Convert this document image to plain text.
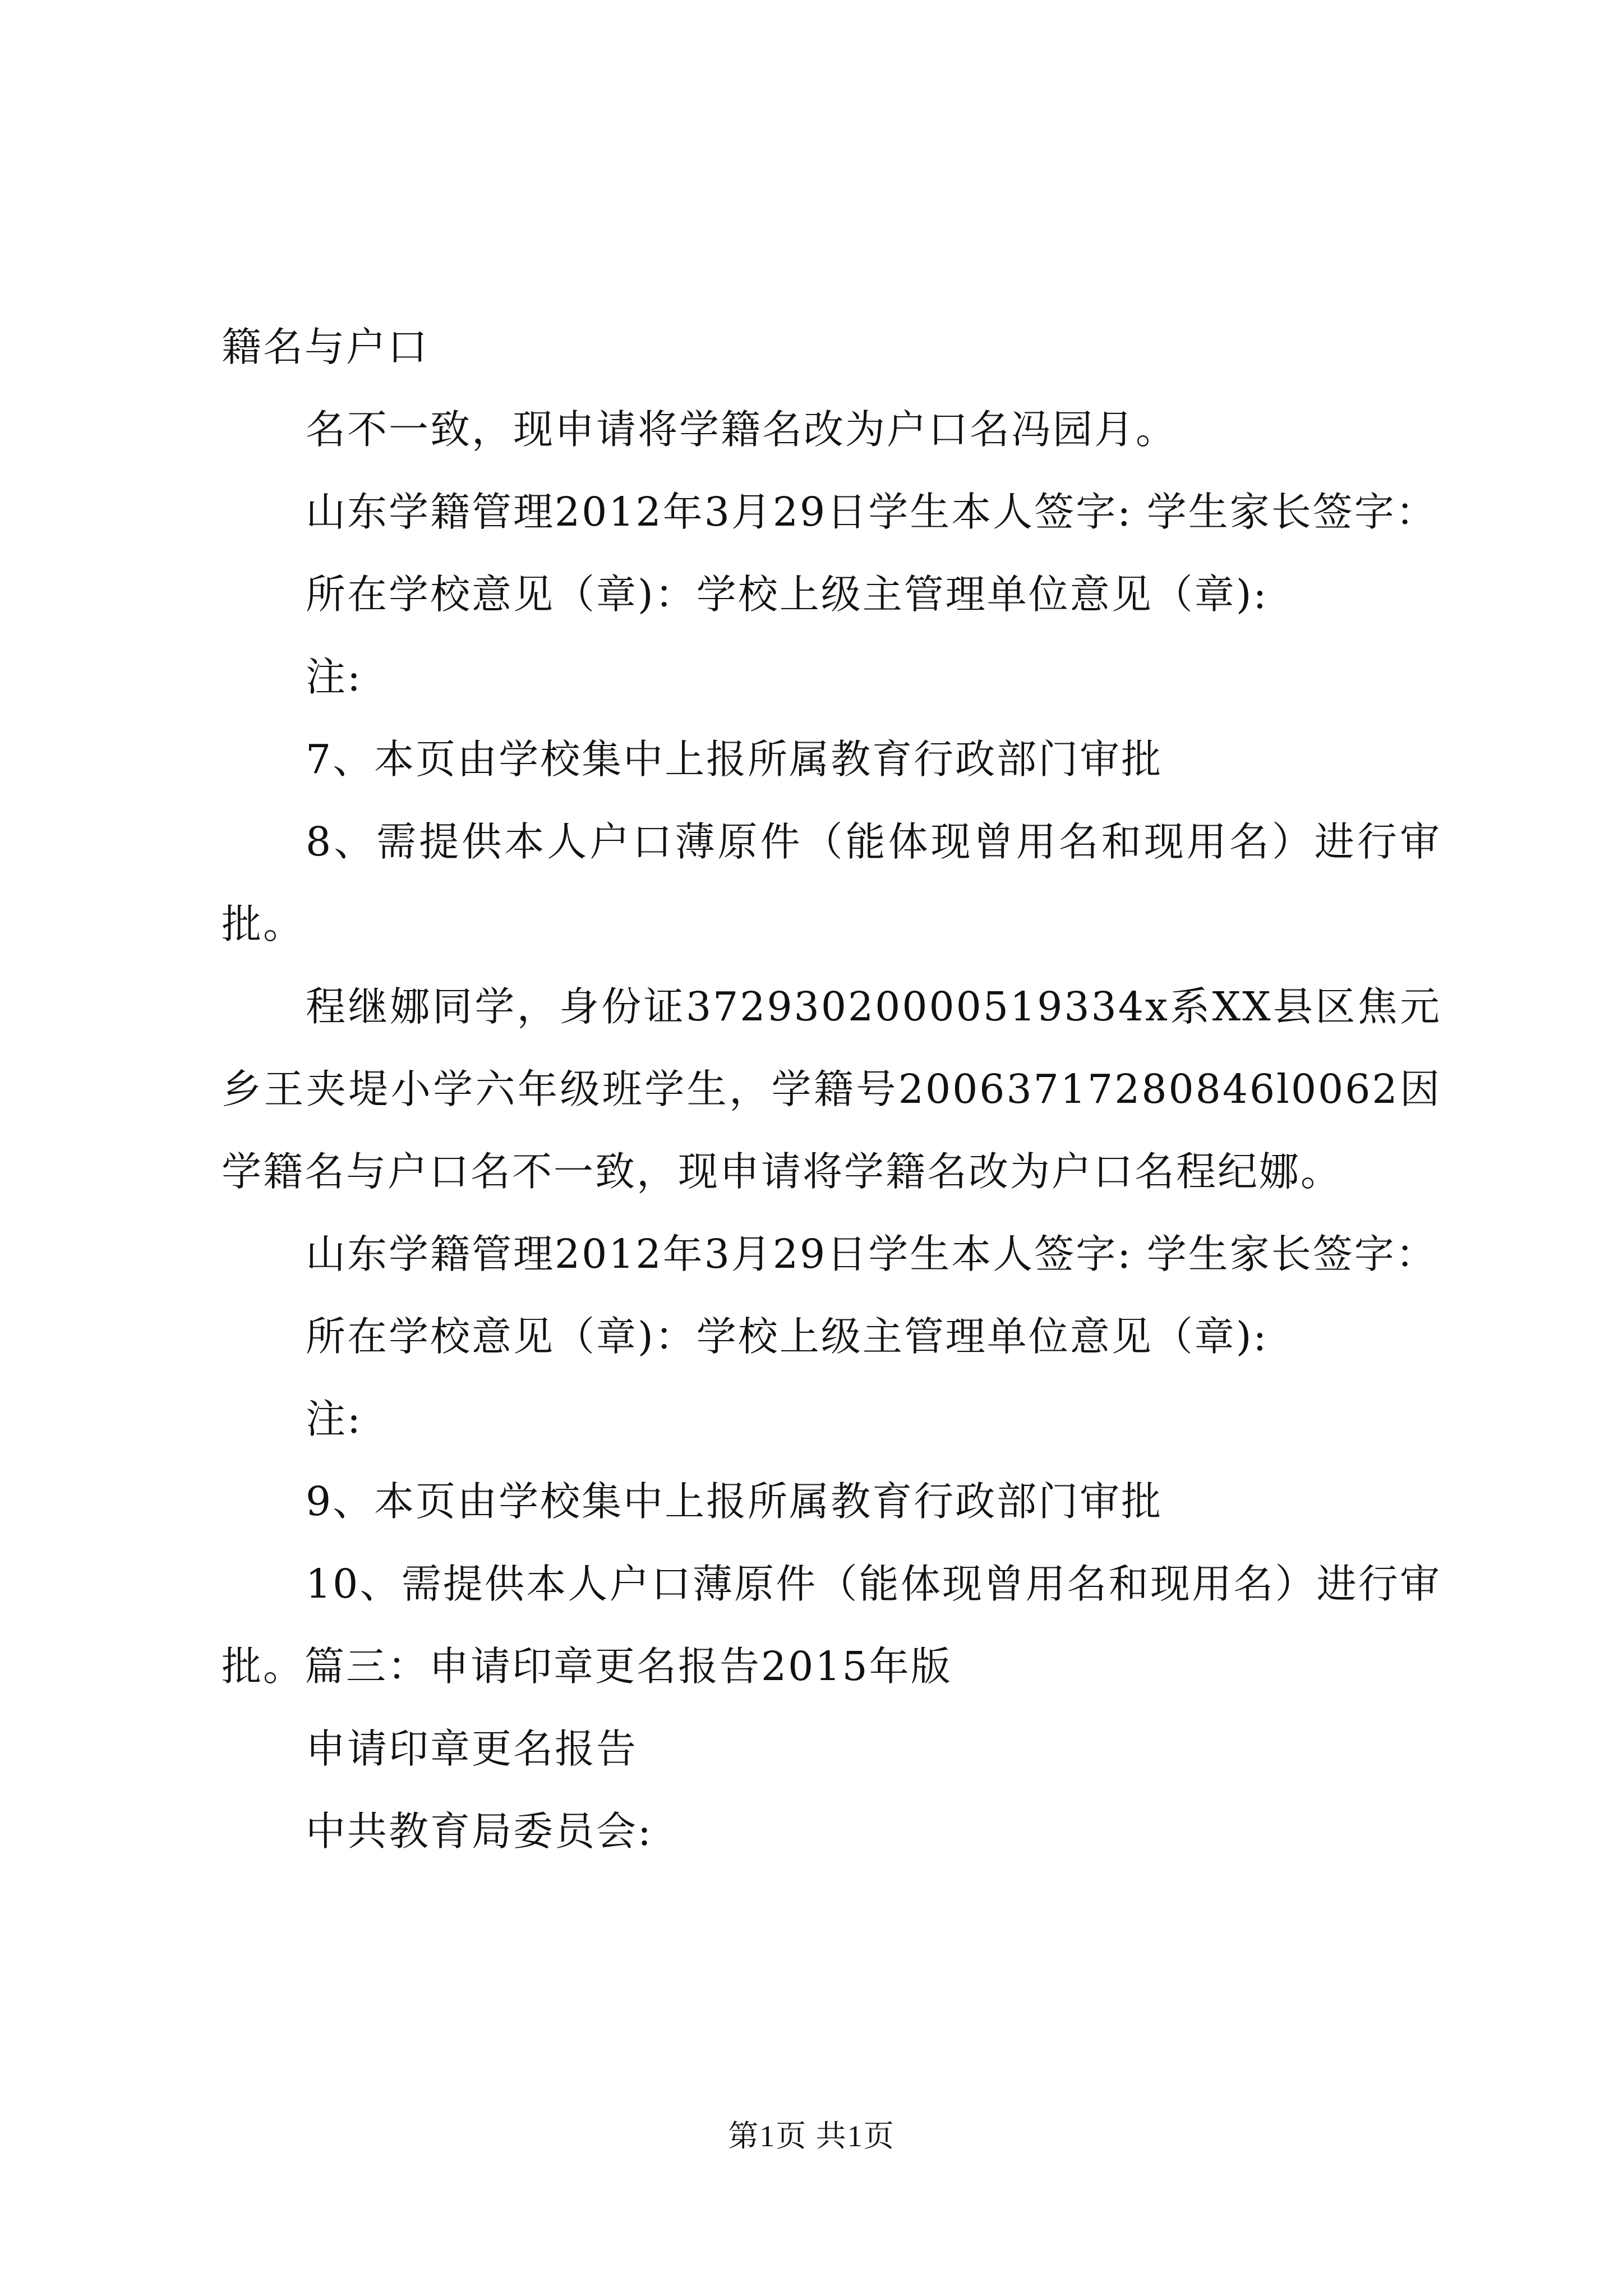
籍名与户口

名不一致，现申请将学籍名改为户口名冯园月。

山东学籍管理2012年3月29日学生本人签字: 学生家长签字：

所在学校意见（章)：学校上级主管理单位意见（章):

注:

7、本页由学校集中上报所属教育行政部门审批

8、需提供本人户口薄原件（能体现曾用名和现用名）进行审批。

程继娜同学，身份证37293020000519334x系XX县区焦元乡王夹堤小学六年级班学生，学籍号20063717280846l0062因学籍名与户口名不一致，现申请将学籍名改为户口名程纪娜。

山东学籍管理2012年3月29日学生本人签字: 学生家长签字：

所在学校意见（章)：学校上级主管理单位意见（章):

注:

9、本页由学校集中上报所属教育行政部门审批

10、需提供本人户口薄原件（能体现曾用名和现用名）进行审批。篇三：申请印章更名报告2015年版

申请印章更名报告

中共教育局委员会:

第1页 共1页
